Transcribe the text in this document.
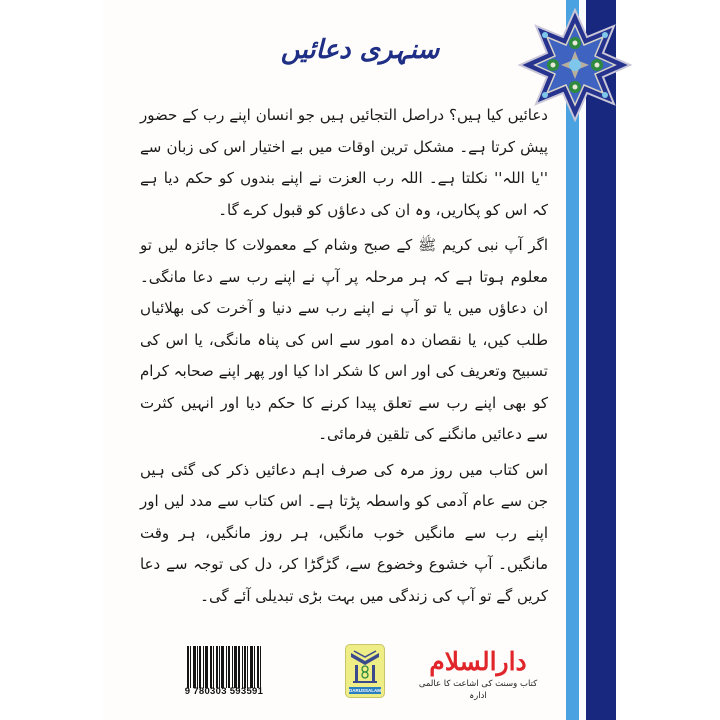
سنہری دعائیں

دعائیں کیا ہیں؟ دراصل التجائیں ہیں جو انسان اپنے رب کے حضور پیش کرتا ہے۔ مشکل ترین اوقات میں بے اختیار اس کی زبان سے ''یا اللہ'' نکلتا ہے۔ اللہ رب العزت نے اپنے بندوں کو حکم دیا ہے کہ اس کو پکاریں، وہ ان کی دعاؤں کو قبول کرے گا۔

اگر آپ نبی کریم ﷺ کے صبح وشام کے معمولات کا جائزہ لیں تو معلوم ہوتا ہے کہ ہر مرحلہ پر آپ نے اپنے رب سے دعا مانگی۔ ان دعاؤں میں یا تو آپ نے اپنے رب سے دنیا و آخرت کی بھلائیاں طلب کیں، یا نقصان دہ امور سے اس کی پناہ مانگی، یا اس کی تسبیح وتعریف کی اور اس کا شکر ادا کیا اور پھر اپنے صحابہ کرام کو بھی اپنے رب سے تعلق پیدا کرنے کا حکم دیا اور انہیں کثرت سے دعائیں مانگنے کی تلقین فرمائی۔

اس کتاب میں روز مرہ کی صرف اہم دعائیں ذکر کی گئی ہیں جن سے عام آدمی کو واسطہ پڑتا ہے۔ اس کتاب سے مدد لیں اور اپنے رب سے مانگیں خوب مانگیں، ہر روز مانگیں، ہر وقت مانگیں۔ آپ خشوع وخضوع سے، گڑگڑا کر، دل کی توجہ سے دعا کریں گے تو آپ کی زندگی میں بہت بڑی تبدیلی آئے گی۔

9 780303 593591	DARUSSALAM
دارالسلام
کتاب وسنت کی اشاعت کا عالمی ادارہ
